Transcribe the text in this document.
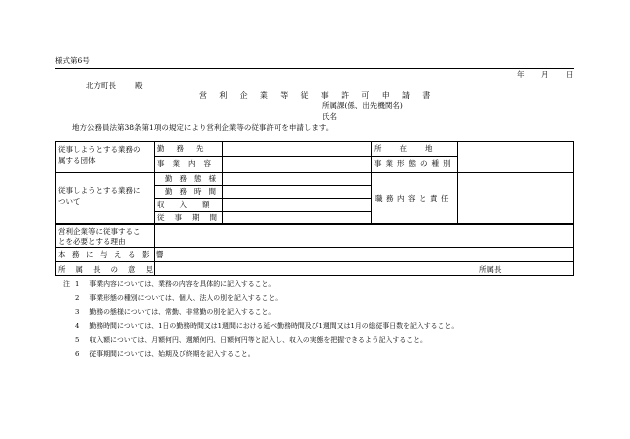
様式第6号
年 月 日
北方町長	殿
営利企業等従事許可申請書
所属課(係、出先機関名)
氏名
地方公務員法第38条第1項の規定により営利企業等の従事許可を申請します。
従事しようとする業務の
属する団体
勤務先
事業内容
所在地
事業形態の種別
従事しようとする業務に
ついて
勤務態様
勤務時間
収入額
従事期間
職務内容と責任
営利企業等に従事するこ
とを必要とする理由
本務に与える影響
所属長の意見	所属長
注 1 事業内容については、業務の内容を具体的に記入すること。
2 事業形態の種別については、個人、法人の別を記入すること。
3 勤務の態様については、常勤、非常勤の別を記入すること。
4 勤務時間については、1日の勤務時間又は1週間における延べ勤務時間及び1週間又は1月の総従事日数を記入すること。
5 収入額については、月額何円、週額何円、日額何円等と記入し、収入の実態を把握できるよう記入すること。
6 従事期間については、始期及び終期を記入すること。
